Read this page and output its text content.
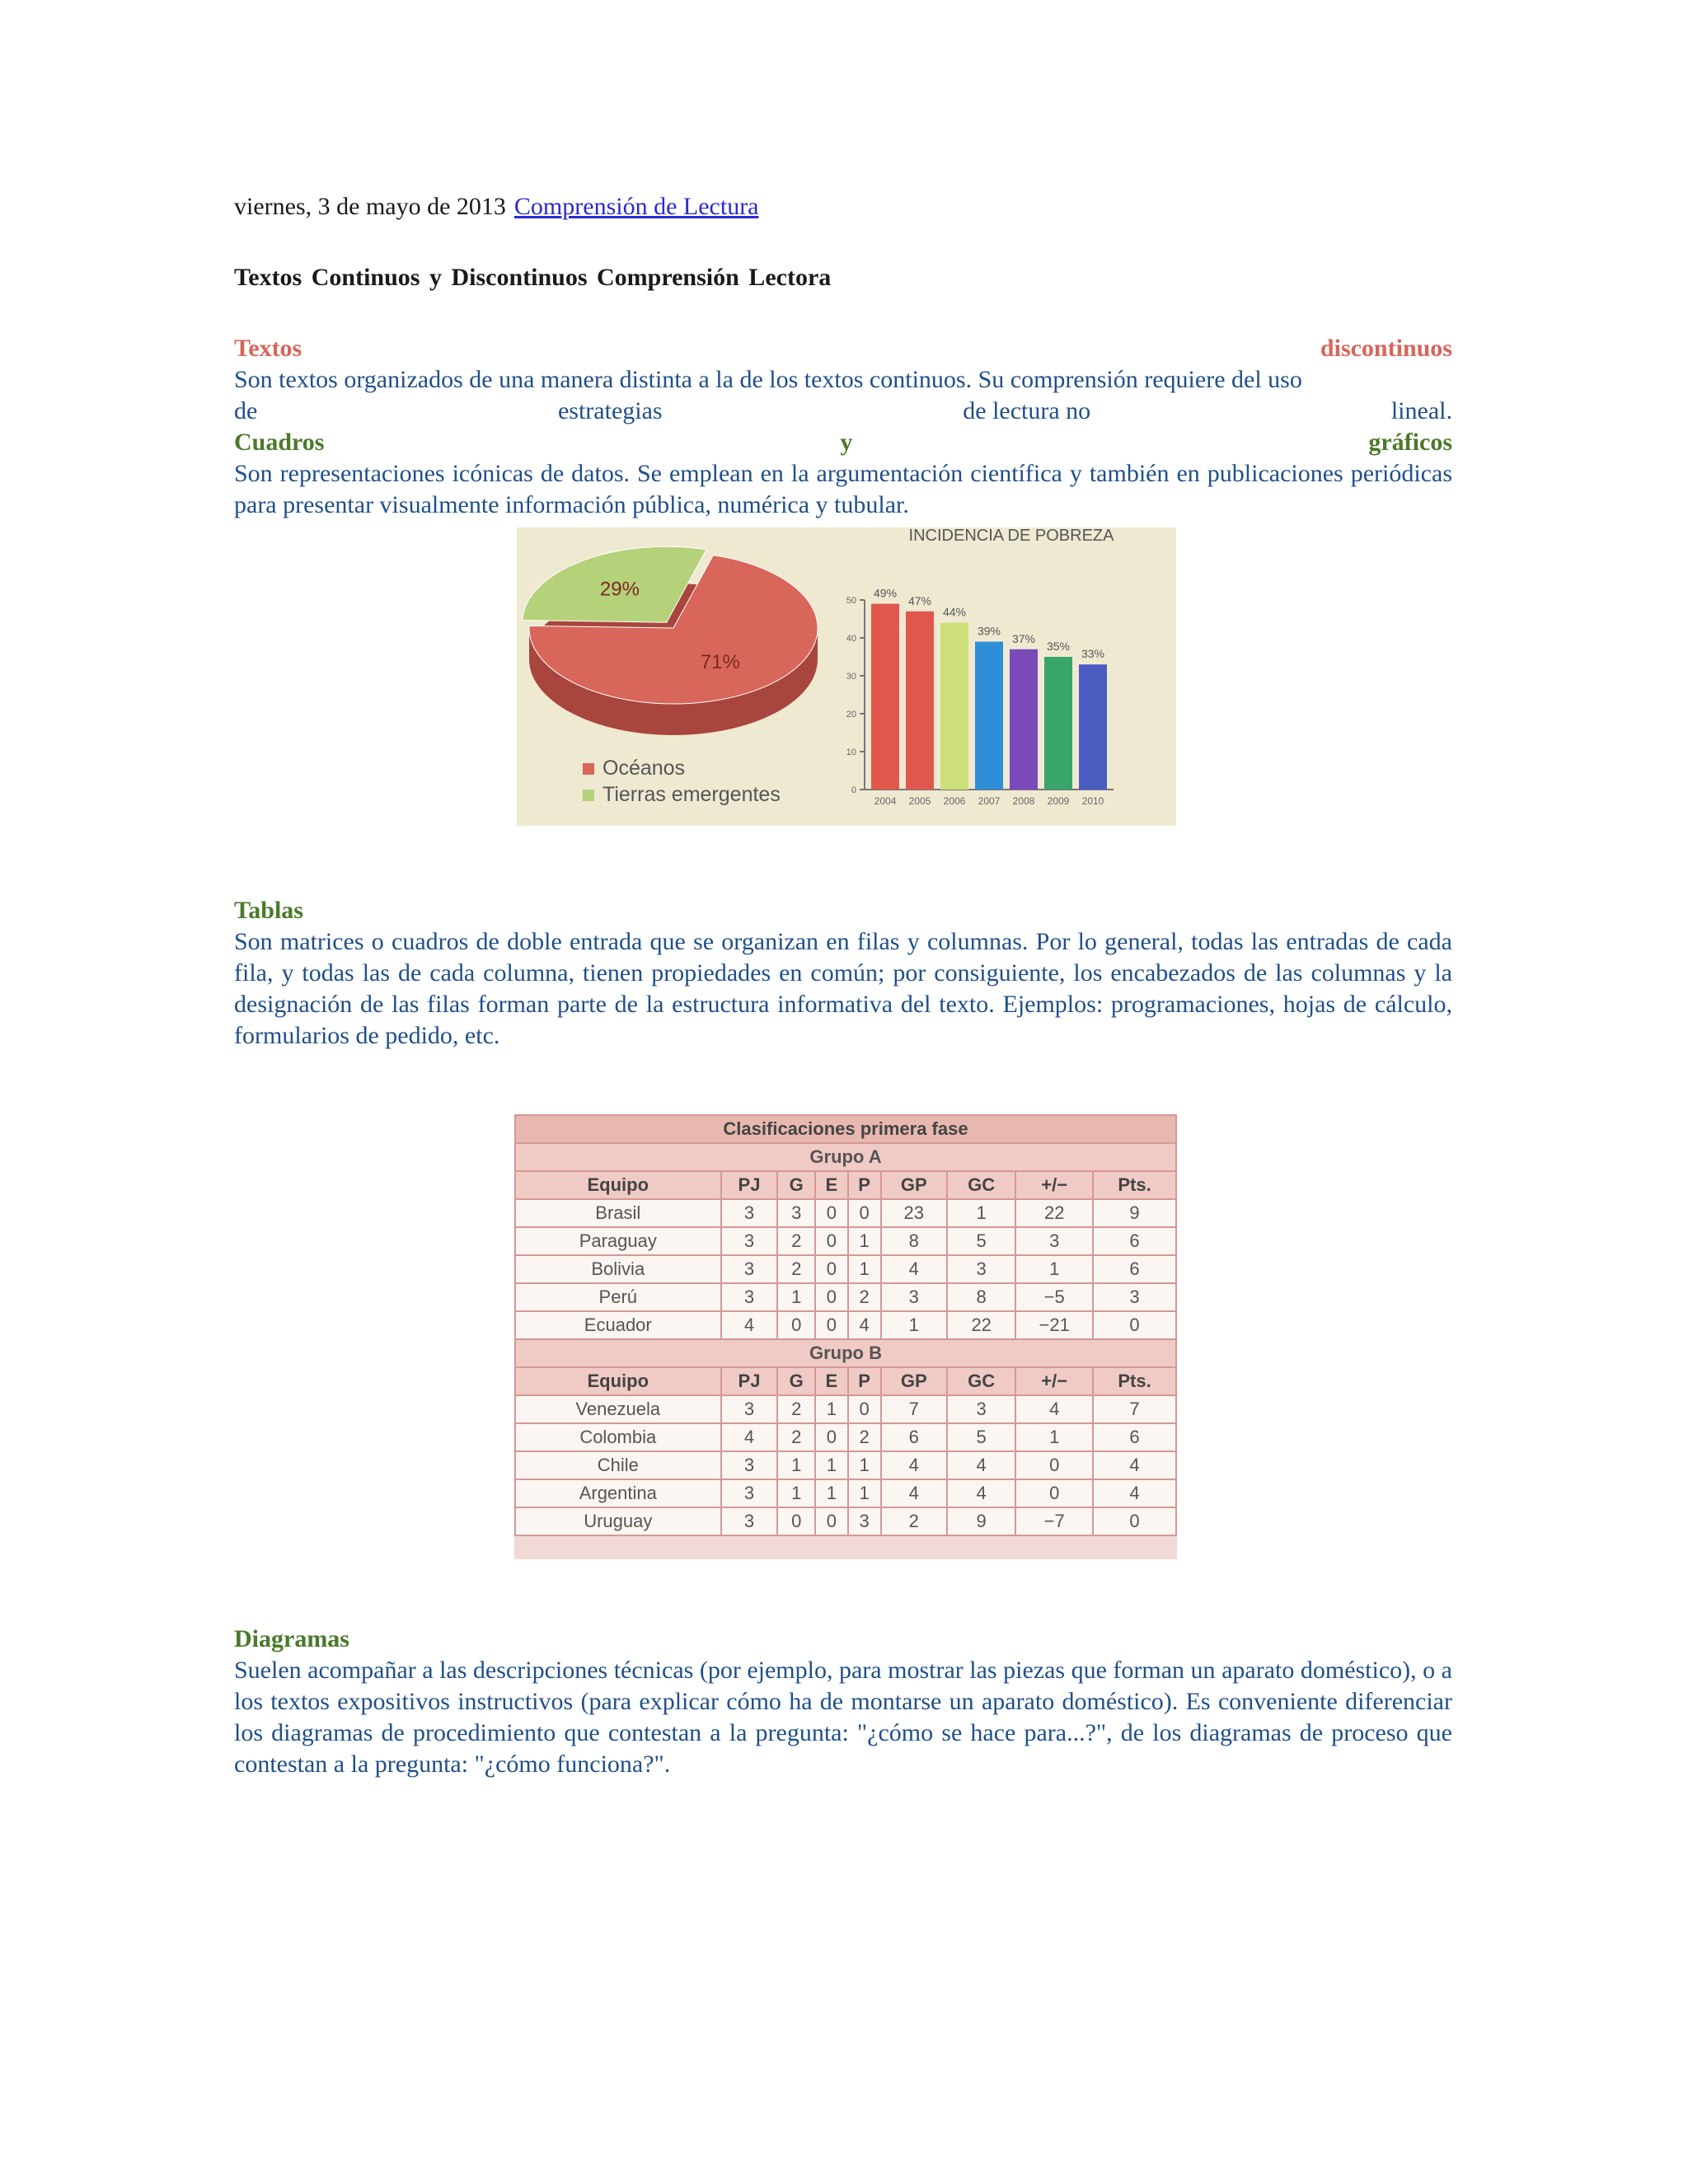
viernes, 3 de mayo de 2013 Comprensión de Lectura
Textos Continuos y Discontinuos Comprensión Lectora
Textos	discontinuos
Son textos organizados de una manera distinta a la de los textos continuos. Su comprensión requiere del uso
de	estrategias	de lectura no	lineal.
Cuadros	y	gráficos
Son representaciones icónicas de datos. Se emplean en la argumentación científica y también en publicaciones periódicas para presentar visualmente información pública, numérica y tubular.
71%
29%
Océanos
Tierras emergentes
INCIDENCIA DE POBREZA
0
10
20
30
40
50
49%
2004
47%
2005
44%
2006
39%
2007
37%
2008
35%
2009
33%
2010
Tablas
Son matrices o cuadros de doble entrada que se organizan en filas y columnas. Por lo general, todas las entradas de cada fila, y todas las de cada columna, tienen propiedades en común; por consiguiente, los encabezados de las columnas y la designación de las filas forman parte de la estructura informativa del texto. Ejemplos: programaciones, hojas de cálculo, formularios de pedido, etc.
Clasificaciones primera fase								
Grupo A								
Equipo	PJ	G	E	P	GP	GC	+/−	Pts.
Brasil	3	3	0	0	23	1	22	9
Paraguay	3	2	0	1	8	5	3	6
Bolivia	3	2	0	1	4	3	1	6
Perú	3	1	0	2	3	8	−5	3
Ecuador	4	0	0	4	1	22	−21	0
Grupo B								
Equipo	PJ	G	E	P	GP	GC	+/−	Pts.
Venezuela	3	2	1	0	7	3	4	7
Colombia	4	2	0	2	6	5	1	6
Chile	3	1	1	1	4	4	0	4
Argentina	3	1	1	1	4	4	0	4
Uruguay	3	0	0	3	2	9	−7	0
Diagramas
Suelen acompañar a las descripciones técnicas (por ejemplo, para mostrar las piezas que forman un aparato doméstico), o a los textos expositivos instructivos (para explicar cómo ha de montarse un aparato doméstico). Es conveniente diferenciar los diagramas de procedimiento que contestan a la pregunta: "¿cómo se hace para...?", de los diagramas de proceso que contestan a la pregunta: "¿cómo funciona?".
